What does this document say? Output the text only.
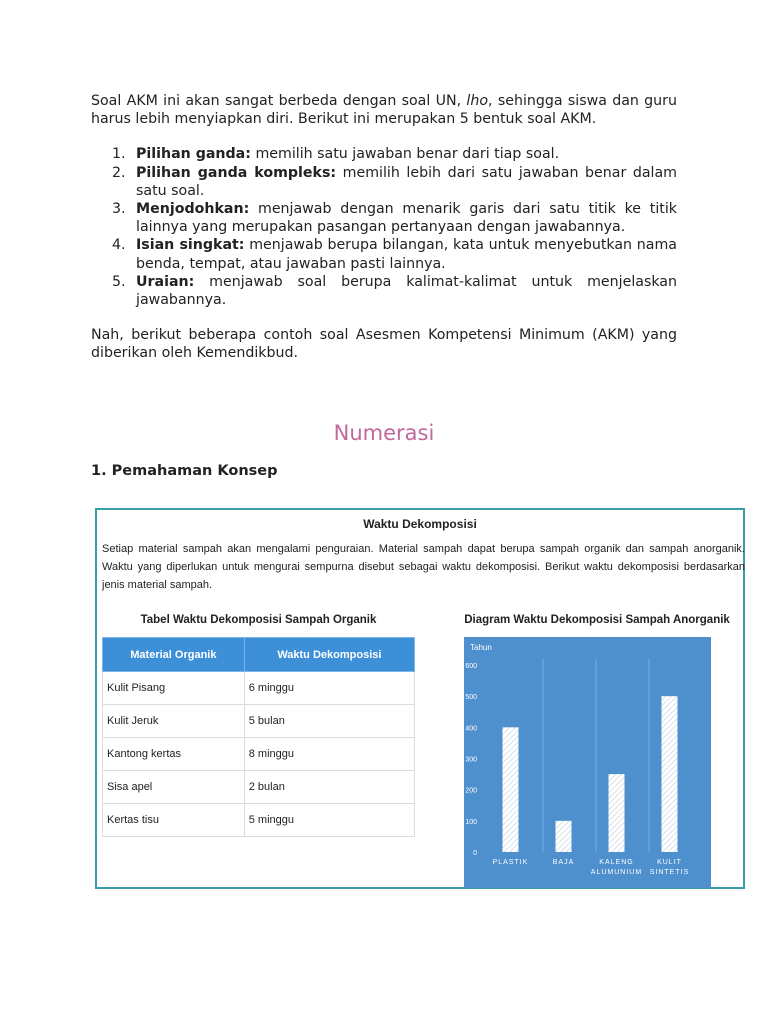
Soal AKM ini akan sangat berbeda dengan soal UN, lho, sehingga siswa dan guru harus lebih menyiapkan diri. Berikut ini merupakan 5 bentuk soal AKM.

1. Pilihan ganda: memilih satu jawaban benar dari tiap soal.
2. Pilihan ganda kompleks: memilih lebih dari satu jawaban benar dalam satu soal.
3. Menjodohkan: menjawab dengan menarik garis dari satu titik ke titik lainnya yang merupakan pasangan pertanyaan dengan jawabannya.
4. Isian singkat: menjawab berupa bilangan, kata untuk menyebutkan nama benda, tempat, atau jawaban pasti lainnya.
5. Uraian: menjawab soal berupa kalimat-kalimat untuk menjelaskan jawabannya.

Nah, berikut beberapa contoh soal Asesmen Kompetensi Minimum (AKM) yang diberikan oleh Kemendikbud.

Numerasi
1. Pemahaman Konsep
Waktu Dekomposisi
Setiap material sampah akan mengalami penguraian. Material sampah dapat berupa sampah organik dan sampah anorganik. Waktu yang diperlukan untuk mengurai sempurna disebut sebagai waktu dekomposisi. Berikut waktu dekomposisi berdasarkan jenis material sampah.
Tabel Waktu Dekomposisi Sampah Organik
Material Organik	Waktu Dekomposisi
Kulit Pisang	6 minggu
Kulit Jeruk	5 bulan
Kantong kertas	8 minggu
Sisa apel	2 bulan
Kertas tisu	5 minggu
Diagram Waktu Dekomposisi Sampah Anorganik
Tahun
0
100
200
300
400
500
600
PLASTIK	BAJA	KALENG
ALUMUNIUM
KULIT
SINTETIS
